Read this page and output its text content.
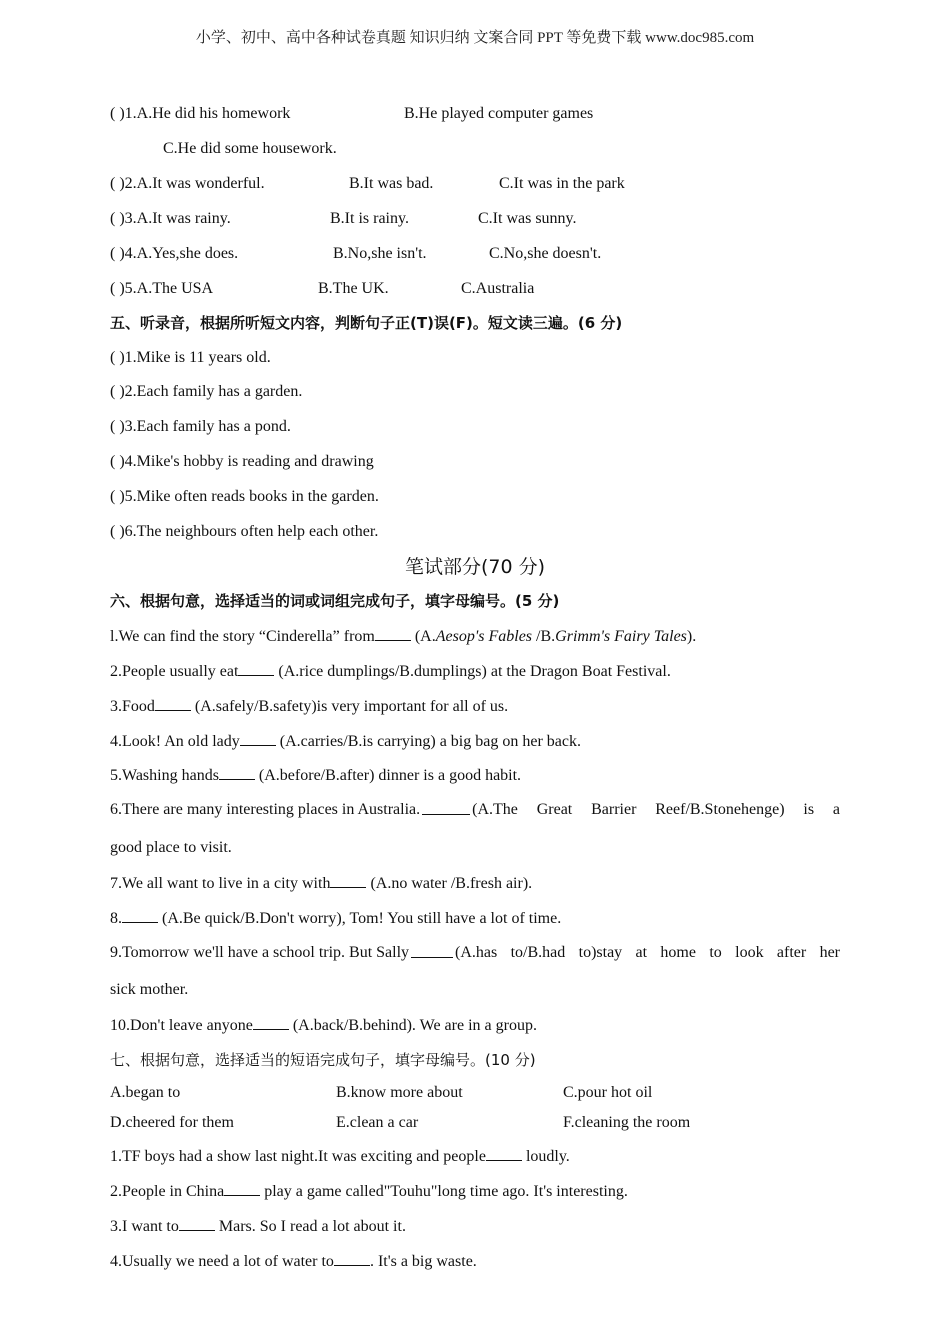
小学、初中、高中各种试卷真题 知识归纳 文案合同 PPT 等免费下载 www.doc985.com
( )1.A.He did his homework	B.He played computer games
C.He did some housework.
( )2.A.It was wonderful.	B.It was bad.	C.It was in the park
( )3.A.It was rainy.	B.It is rainy.	C.It was sunny.
( )4.A.Yes,she does.	B.No,she isn't.	C.No,she doesn't.
( )5.A.The USA	B.The UK.	C.Australia
五、听录音，根据所听短文内容，判断句子正(T)误(F)。短文读三遍。(6 分)
( )1.Mike is 11 years old.
( )2.Each family has a garden.
( )3.Each family has a pond.
( )4.Mike's hobby is reading and drawing
( )5.Mike often reads books in the garden.
( )6.The neighbours often help each other.
笔试部分(70 分)
六、根据句意，选择适当的词或词组完成句子，填字母编号。(5 分)
l.We can find the story “Cinderella” from (A.Aesop's Fables /B.Grimm's Fairy Tales).
2.People usually eat (A.rice dumplings/B.dumplings) at the Dragon Boat Festival.
3.Food (A.safely/B.safety)is very important for all of us.
4.Look! An old lady (A.carries/B.is carrying) a big bag on her back.
5.Washing hands (A.before/B.after) dinner is a good habit.
6.There are many interesting places in Australia.	(A.The Great Barrier Reef/B.Stonehenge) is a
good place to visit.
7.We all want to live in a city with (A.no water /B.fresh air).
8. (A.Be quick/B.Don't worry), Tom! You still have a lot of time.
9.Tomorrow we'll have a school trip. But Sally	(A.has to/B.had to)stay at home to look after her
sick mother.
10.Don't leave anyone (A.back/B.behind). We are in a group.
七、根据句意，选择适当的短语完成句子，填字母编号。(10 分)
A.began to	B.know more about	C.pour hot oil
D.cheered for them	E.clean a car	F.cleaning the room
1.TF boys had a show last night.It was exciting and people loudly.
2.People in China play a game called"Touhu"long time ago. It's interesting.
3.I want to Mars. So I read a lot about it.
4.Usually we need a lot of water to . It's a big waste.
